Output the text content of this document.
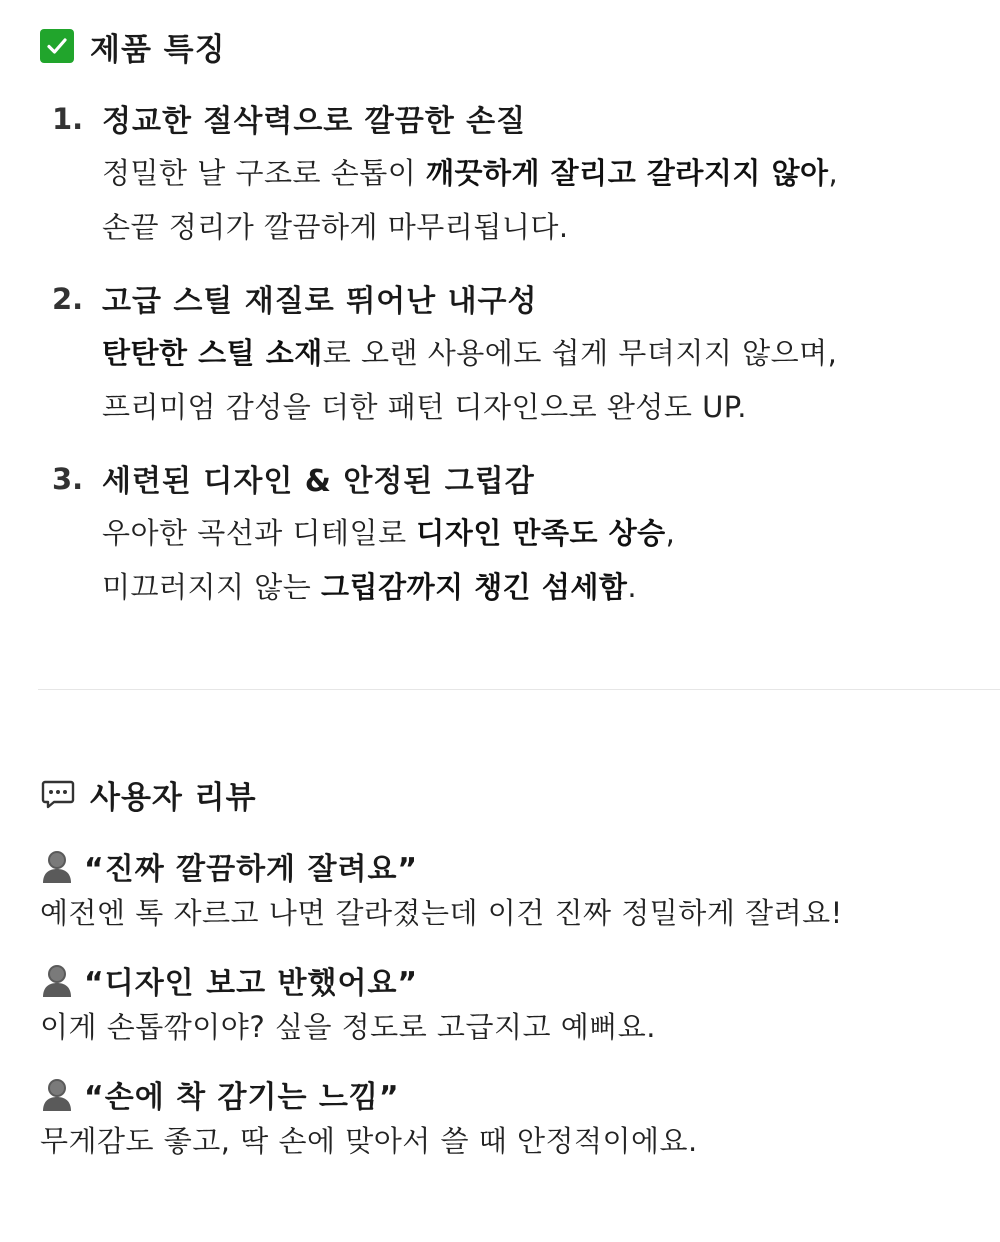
제품 특징
1. 정교한 절삭력으로 깔끔한 손질
정밀한 날 구조로 손톱이 깨끗하게 잘리고 갈라지지 않아,
손끝 정리가 깔끔하게 마무리됩니다.
2. 고급 스틸 재질로 뛰어난 내구성
탄탄한 스틸 소재로 오랜 사용에도 쉽게 무뎌지지 않으며,
프리미엄 감성을 더한 패턴 디자인으로 완성도 UP.
3. 세련된 디자인 & 안정된 그립감
우아한 곡선과 디테일로 디자인 만족도 상승,
미끄러지지 않는 그립감까지 챙긴 섬세함.
사용자 리뷰
“진짜 깔끔하게 잘려요”
예전엔 톡 자르고 나면 갈라졌는데 이건 진짜 정밀하게 잘려요!
“디자인 보고 반했어요”
이게 손톱깎이야? 싶을 정도로 고급지고 예뻐요.
“손에 착 감기는 느낌”
무게감도 좋고, 딱 손에 맞아서 쓸 때 안정적이에요.
